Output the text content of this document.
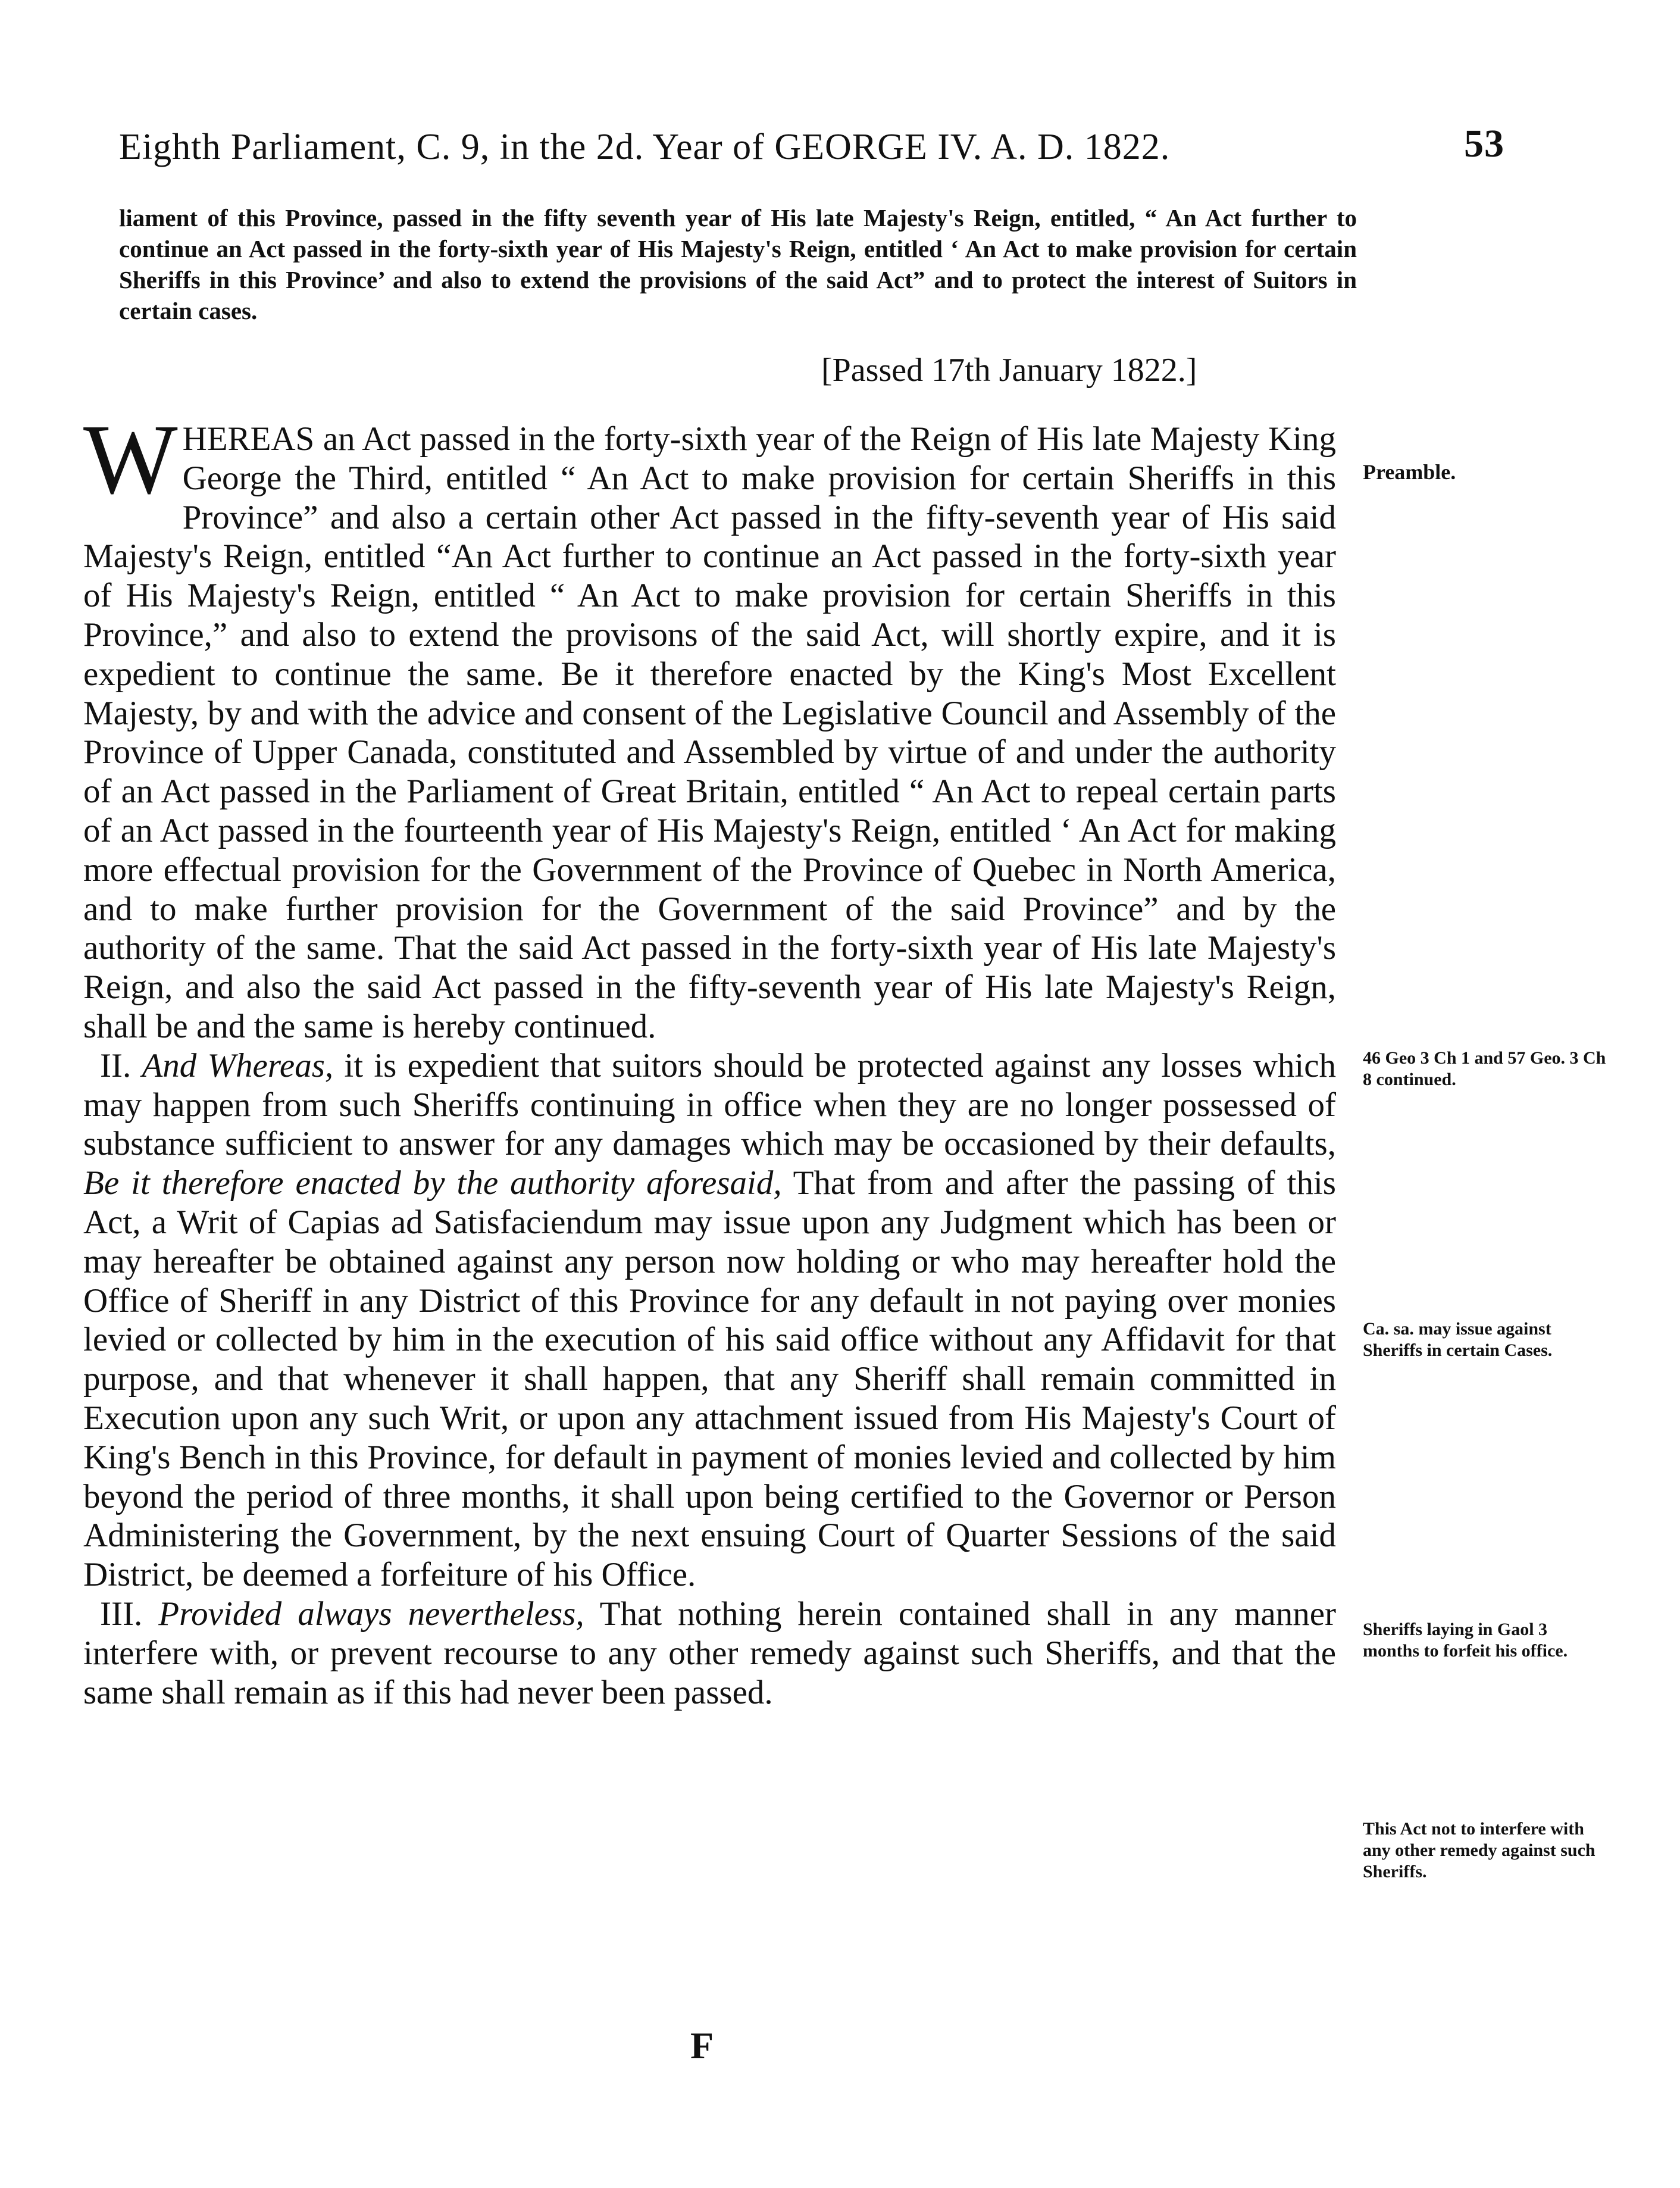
Eighth Parliament, C. 9, in the 2d. Year of GEORGE IV. A. D. 1822.	53
liament of this Province, passed in the fifty seventh year of His late Majesty's Reign, entitled, “ An Act further to continue an Act passed in the forty-sixth year of His Majesty's Reign, entitled ‘ An Act to make provision for certain Sheriffs in this Province’ and also to extend the provisions of the said Act” and to protect the interest of Suitors in certain cases.
[Passed 17th January 1822.]

WHEREAS an Act passed in the forty-sixth year of the Reign of His late Majesty King George the Third, entitled “ An Act to make provision for certain Sheriffs in this Province” and also a certain other Act passed in the fifty-seventh year of His said Majesty's Reign, entitled “An Act further to continue an Act passed in the forty-sixth year of His Majesty's Reign, entitled “ An Act to make provision for certain Sheriffs in this Province,” and also to extend the provisons of the said Act, will shortly expire, and it is expedient to continue the same. Be it therefore enacted by the King's Most Excellent Majesty, by and with the advice and consent of the Legislative Council and Assembly of the Province of Upper Canada, constituted and Assembled by virtue of and under the authority of an Act passed in the Parliament of Great Britain, entitled “ An Act to repeal certain parts of an Act passed in the fourteenth year of His Majesty's Reign, entitled ‘ An Act for making more effectual provision for the Government of the Province of Quebec in North America, and to make further provision for the Government of the said Province” and by the authority of the same. That the said Act passed in the forty-sixth year of His late Majesty's Reign, and also the said Act passed in the fifty-seventh year of His late Majesty's Reign, shall be and the same is hereby continued.

II. And Whereas, it is expedient that suitors should be protected against any losses which may happen from such Sheriffs continuing in office when they are no longer possessed of substance sufficient to answer for any damages which may be occasioned by their defaults, Be it therefore enacted by the authority aforesaid, That from and after the passing of this Act, a Writ of Capias ad Satisfaciendum may issue upon any Judgment which has been or may hereafter be obtained against any person now holding or who may hereafter hold the Office of Sheriff in any District of this Province for any default in not paying over monies levied or collected by him in the execution of his said office without any Affidavit for that purpose, and that whenever it shall happen, that any Sheriff shall remain committed in Execution upon any such Writ, or upon any attachment issued from His Majesty's Court of King's Bench in this Province, for default in payment of monies levied and collected by him beyond the period of three months, it shall upon being certified to the Governor or Person Administering the Government, by the next ensuing Court of Quarter Sessions of the said District, be deemed a forfeiture of his Office.

III. Provided always nevertheless, That nothing herein contained shall in any manner interfere with, or prevent recourse to any other remedy against such Sheriffs, and that the same shall remain as if this had never been passed.

Preamble.
46 Geo 3 Ch 1 and 57 Geo. 3 Ch 8 continued.
Ca. sa. may issue against Sheriffs in certain Cases.
Sheriffs laying in Gaol 3 months to forfeit his office.
This Act not to interfere with any other remedy against such Sheriffs.
F
